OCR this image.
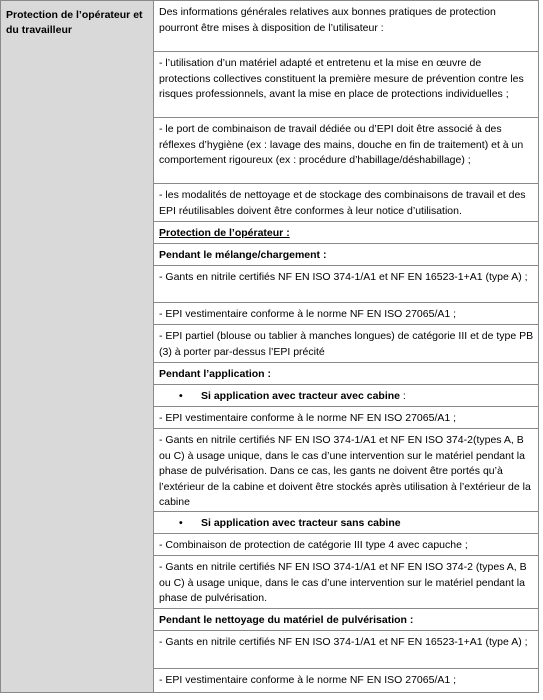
Protection de l’opérateur et du travailleur
Des informations générales relatives aux bonnes pratiques de protection pourront être mises à disposition de l’utilisateur :
- l’utilisation d’un matériel adapté et entretenu et la mise en œuvre de protections collectives constituent la première mesure de prévention contre les risques professionnels, avant la mise en place de protections individuelles ;
- le port de combinaison de travail dédiée ou d’EPI doit être associé à des réflexes d’hygiène (ex : lavage des mains, douche en fin de traitement) et à un comportement rigoureux (ex : procédure d’habillage/déshabillage) ;
- les modalités de nettoyage et de stockage des combinaisons de travail et des EPI réutilisables doivent être conformes à leur notice d’utilisation.
Protection de l’opérateur :
Pendant le mélange/chargement :
- Gants en nitrile certifiés NF EN ISO 374-1/A1 et NF EN 16523-1+A1 (type A) ;
- EPI vestimentaire conforme à le norme NF EN ISO 27065/A1 ;
- EPI partiel (blouse ou tablier à manches longues) de catégorie III et de type PB (3) à porter par-dessus l’EPI précité
Pendant l’application :
• Si application avec tracteur avec cabine :
- EPI vestimentaire conforme à le norme NF EN ISO 27065/A1 ;
- Gants en nitrile certifiés NF EN ISO 374-1/A1 et NF EN ISO 374-2(types A, B ou C) à usage unique, dans le cas d’une intervention sur le matériel pendant la phase de pulvérisation. Dans ce cas, les gants ne doivent être portés qu’à l’extérieur de la cabine et doivent être stockés après utilisation à l’extérieur de la cabine
• Si application avec tracteur sans cabine
- Combinaison de protection de catégorie III type 4 avec capuche ;
- Gants en nitrile certifiés NF EN ISO 374-1/A1 et NF EN ISO 374-2 (types A, B ou C) à usage unique, dans le cas d’une intervention sur le matériel pendant la phase de pulvérisation.
Pendant le nettoyage du matériel de pulvérisation :
- Gants en nitrile certifiés NF EN ISO 374-1/A1 et NF EN 16523-1+A1 (type A) ;
- EPI vestimentaire conforme à le norme NF EN ISO 27065/A1 ;
